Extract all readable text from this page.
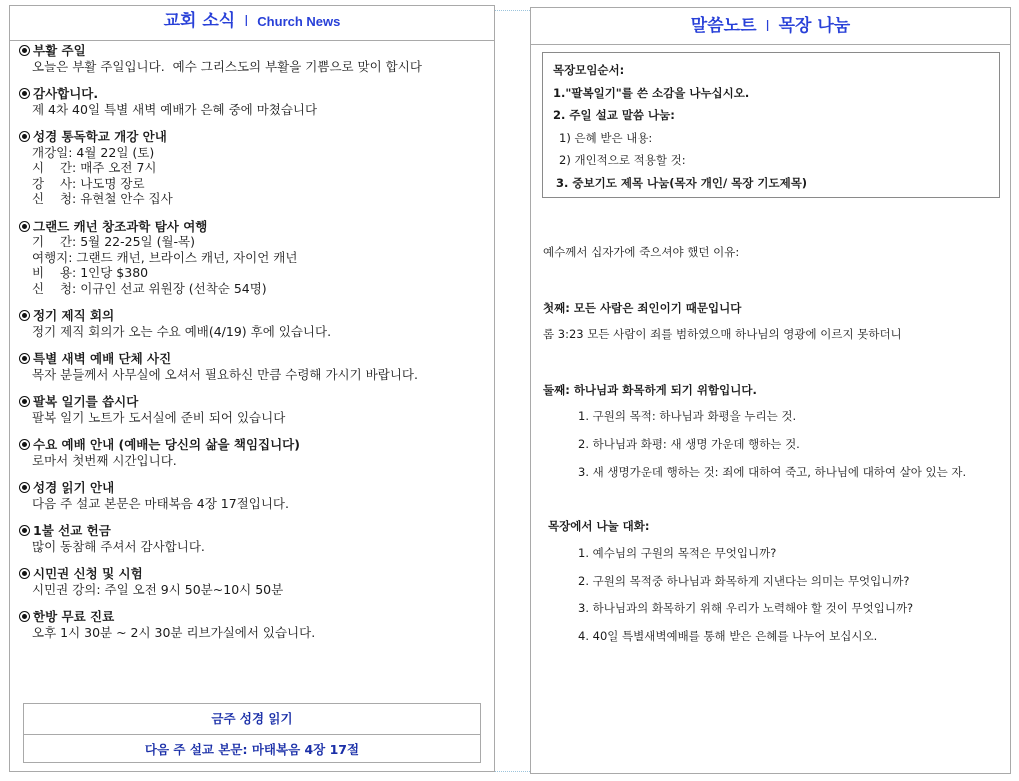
교회 소식 l Church News
부활 주일
오늘은 부활 주일입니다.  예수 그리스도의 부활을 기쁨으로 맞이 합시다
감사합니다.
제 4차 40일 특별 새벽 예배가 은혜 중에 마쳤습니다
성경 통독학교 개강 안내
개강일: 4월 22일 (토)
시    간: 매주 오전 7시
강    사: 나도명 장로
신    청: 유현철 안수 집사
그랜드 캐넌 창조과학 탐사 여행
기    간: 5월 22-25일 (월-목)
여행지: 그랜드 캐넌, 브라이스 캐넌, 자이언 캐넌
비    용: 1인당 $380
신    청: 이규인 선교 위원장 (선착순 54명)
정기 제직 회의
정기 제직 회의가 오는 수요 예배(4/19) 후에 있습니다.
특별 새벽 예배 단체 사진
목자 분들께서 사무실에 오셔서 필요하신 만큼 수령해 가시기 바랍니다.
팔복 일기를 씁시다
팔복 일기 노트가 도서실에 준비 되어 있습니다
수요 예배 안내 (예배는 당신의 삶을 책임집니다)
로마서 첫번째 시간입니다.
성경 읽기 안내
다음 주 설교 본문은 마태복음 4장 17절입니다.
1불 선교 헌금
많이 동참해 주셔서 감사합니다.
시민권 신청 및 시험
시민권 강의: 주일 오전 9시 50분~10시 50분
한방 무료 진료
오후 1시 30분 ~ 2시 30분 리브가실에서 있습니다.
금주 성경 읽기
다음 주 설교 본문: 마태복음 4장 17절
말씀노트 l 목장 나눔
목장모임순서:
1."팔복일기"를 쓴 소감을 나누십시오.
2. 주일 설교 말씀 나눔:
1) 은혜 받은 내용:
2) 개인적으로 적용할 것:
3. 중보기도 제목 나눔(목자 개인/ 목장 기도제목)
예수께서 십자가에 죽으셔야 했던 이유:
첫째: 모든 사람은 죄인이기 때문입니다
롬 3:23 모든 사람이 죄를 범하였으매 하나님의 영광에 이르지 못하더니
둘째: 하나님과 화목하게 되기 위함입니다.
1. 구원의 목적: 하나님과 화평을 누리는 것.
2. 하나님과 화평: 새 생명 가운데 행하는 것.
3. 새 생명가운데 행하는 것: 죄에 대하여 죽고, 하나님에 대하여 살아 있는 자.
목장에서 나눌 대화:
1. 예수님의 구원의 목적은 무엇입니까?
2. 구원의 목적중 하나님과 화목하게 지낸다는 의미는 무엇입니까?
3. 하나님과의 화목하기 위해 우리가 노력해야 할 것이 무엇입니까?
4. 40일 특별새벽예배를 통해 받은 은혜를 나누어 보십시오.
